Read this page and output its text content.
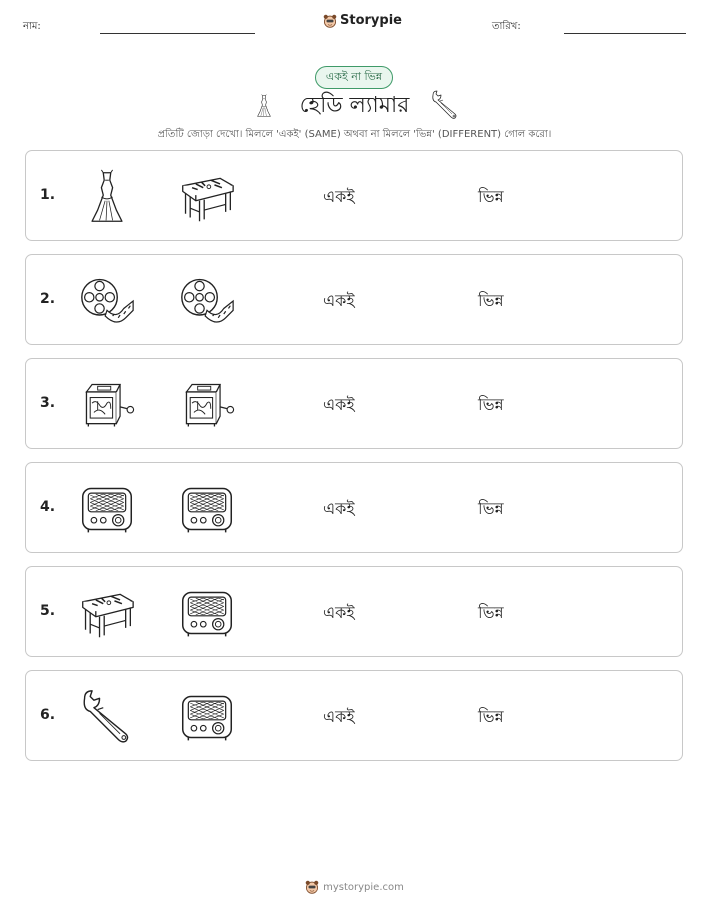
নাম:	Storypie	তারিখ:
একই না ভিন্ন
হেডি ল্যামার
প্রতিটি জোড়া দেখো। মিললে 'একই' (SAME) অথবা না মিললে 'ভিন্ন' (DIFFERENT) গোল করো।
1.	একই	ভিন্ন
2.	একই	ভিন্ন
3.	একই	ভিন্ন
4.	একই	ভিন্ন
5.	একই	ভিন্ন
6.	একই	ভিন্ন
mystorypie.com
